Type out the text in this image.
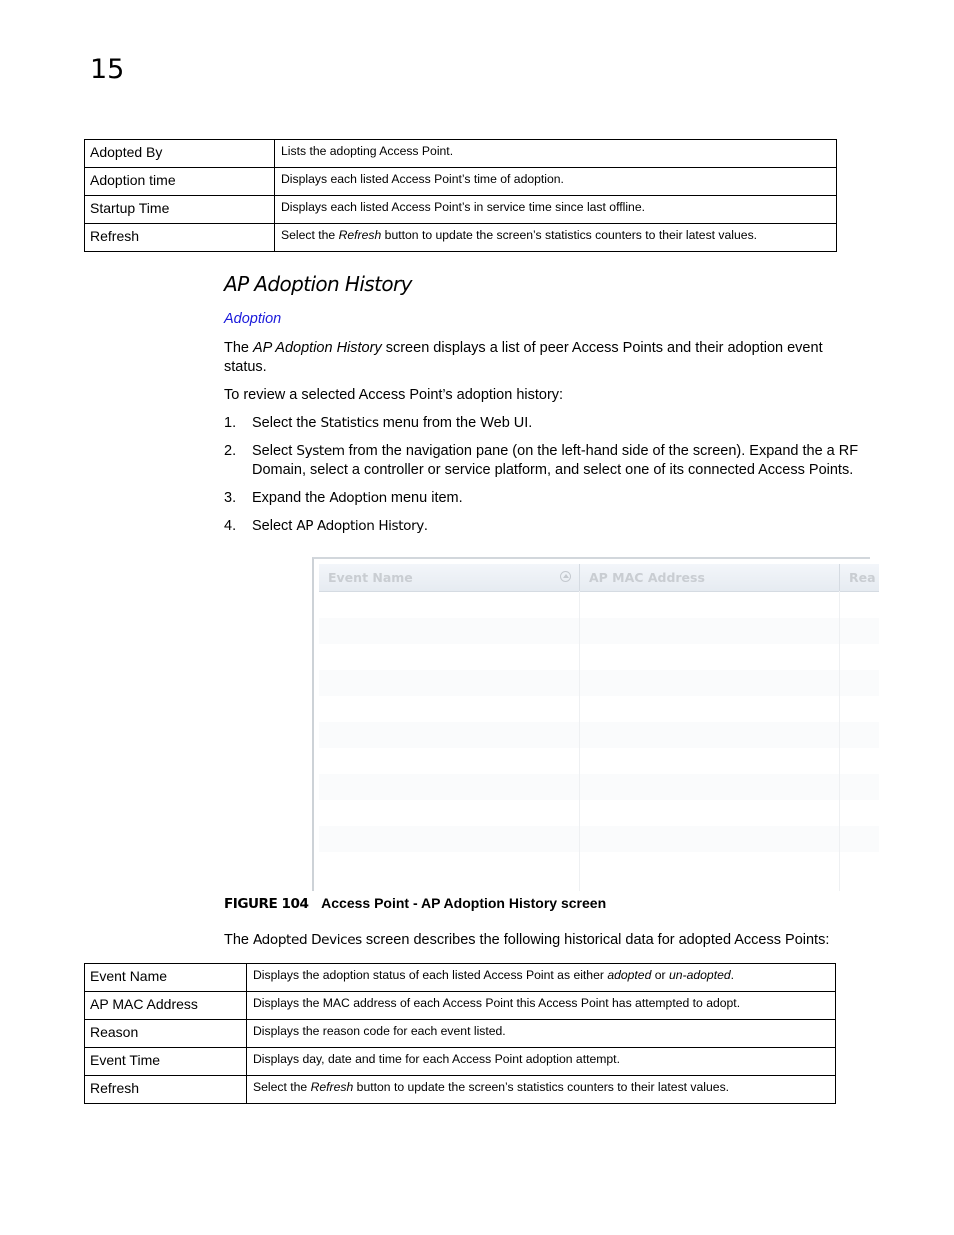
15
Adopted By	Lists the adopting Access Point.
Adoption time	Displays each listed Access Point’s time of adoption.
Startup Time	Displays each listed Access Point’s in service time since last offline.
Refresh	Select the Refresh button to update the screen’s statistics counters to their latest values.
AP Adoption History
Adoption
The AP Adoption History screen displays a list of peer Access Points and their adoption event status.
To review a selected Access Point’s adoption history:
1. Select the Statistics menu from the Web UI.
2. Select System from the navigation pane (on the left-hand side of the screen). Expand the a RF Domain, select a controller or service platform, and select one of its connected Access Points.
3. Expand the Adoption menu item.
4. Select AP Adoption History.
Event Name	AP MAC Address	Rea
FIGURE 104 Access Point - AP Adoption History screen
The Adopted Devices screen describes the following historical data for adopted Access Points:
Event Name	Displays the adoption status of each listed Access Point as either adopted or un-adopted.
AP MAC Address	Displays the MAC address of each Access Point this Access Point has attempted to adopt.
Reason	Displays the reason code for each event listed.
Event Time	Displays day, date and time for each Access Point adoption attempt.
Refresh	Select the Refresh button to update the screen’s statistics counters to their latest values.
